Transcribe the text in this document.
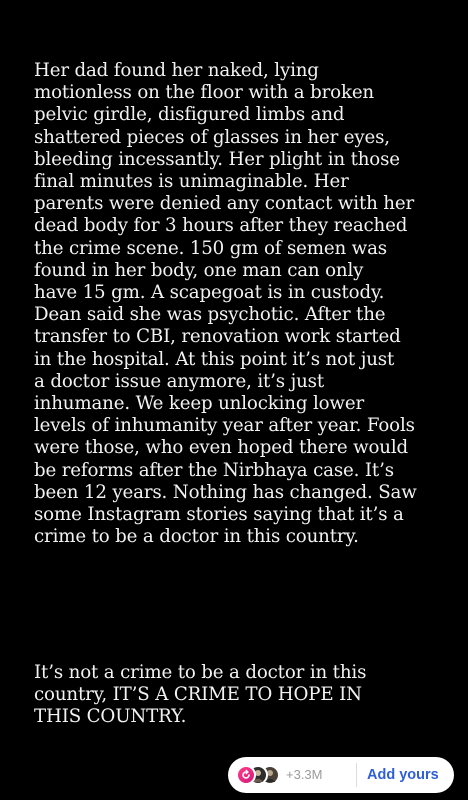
Her dad found her naked, lying
motionless on the floor with a broken
pelvic girdle, disfigured limbs and
shattered pieces of glasses in her eyes,
bleeding incessantly. Her plight in those
final minutes is unimaginable. Her
parents were denied any contact with her
dead body for 3 hours after they reached
the crime scene. 150 gm of semen was
found in her body, one man can only
have 15 gm. A scapegoat is in custody.
Dean said she was psychotic. After the
transfer to CBI, renovation work started
in the hospital. At this point it’s not just
a doctor issue anymore, it’s just
inhumane. We keep unlocking lower
levels of inhumanity year after year. Fools
were those, who even hoped there would
be reforms after the Nirbhaya case. It’s
been 12 years. Nothing has changed. Saw
some Instagram stories saying that it’s a
crime to be a doctor in this country.
It’s not a crime to be a doctor in this
country, IT’S A CRIME TO HOPE IN
THIS COUNTRY.
+3.3M	Add yours
